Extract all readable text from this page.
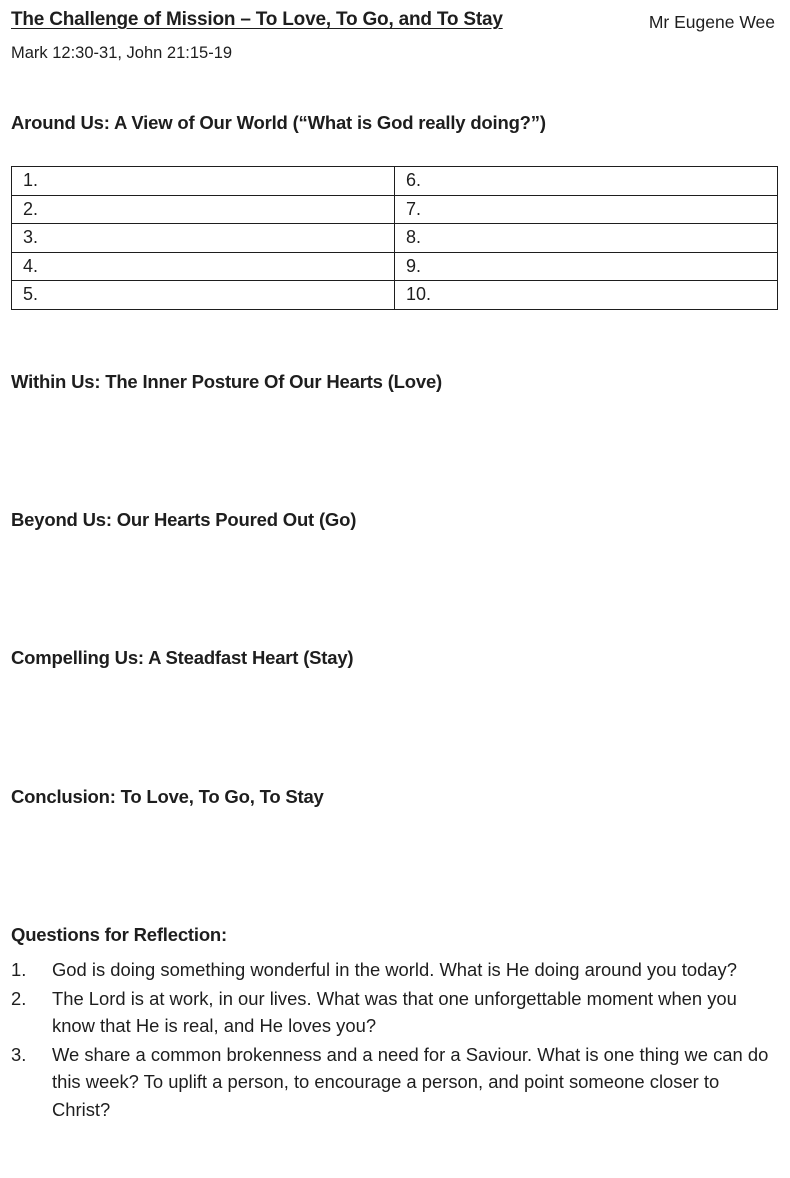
The Challenge of Mission – To Love, To Go, and To Stay	Mr Eugene Wee
Mark 12:30-31, John 21:15-19
Around Us: A View of Our World (“What is God really doing?”)
1.	6.
2.	7.
3.	8.
4.	9.
5.	10.
Within Us: The Inner Posture Of Our Hearts (Love)
Beyond Us: Our Hearts Poured Out (Go)
Compelling Us: A Steadfast Heart (Stay)
Conclusion: To Love, To Go, To Stay
Questions for Reflection:
1. God is doing something wonderful in the world. What is He doing around you today?
2. The Lord is at work, in our lives. What was that one unforgettable moment when you know that He is real, and He loves you?
3. We share a common brokenness and a need for a Saviour. What is one thing we can do this week? To uplift a person, to encourage a person, and point someone closer to Christ?
